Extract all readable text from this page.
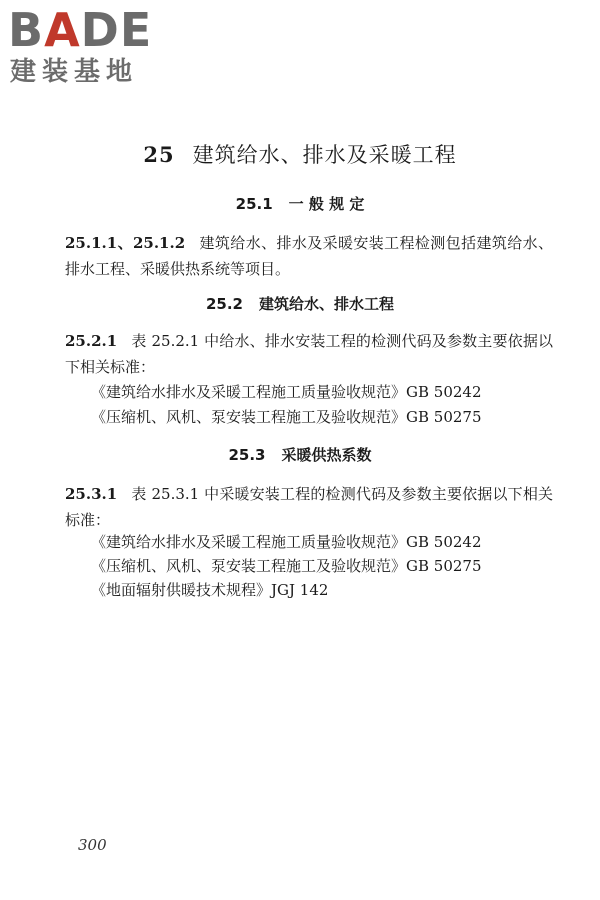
BADE
建装基地
25 建筑给水、排水及采暖工程
25.1 一 般 规 定
25.1.1、25.1.2 建筑给水、排水及采暖安装工程检测包括建筑给水、排水工程、采暖供热系统等项目。
25.2 建筑给水、排水工程
25.2.1 表 25.2.1 中给水、排水安装工程的检测代码及参数主要依据以下相关标准：
《建筑给水排水及采暖工程施工质量验收规范》GB 50242
《压缩机、风机、泵安装工程施工及验收规范》GB 50275
25.3 采暖供热系数
25.3.1 表 25.3.1 中采暖安装工程的检测代码及参数主要依据以下相关标准：
《建筑给水排水及采暖工程施工质量验收规范》GB 50242
《压缩机、风机、泵安装工程施工及验收规范》GB 50275
《地面辐射供暖技术规程》JGJ 142
300
